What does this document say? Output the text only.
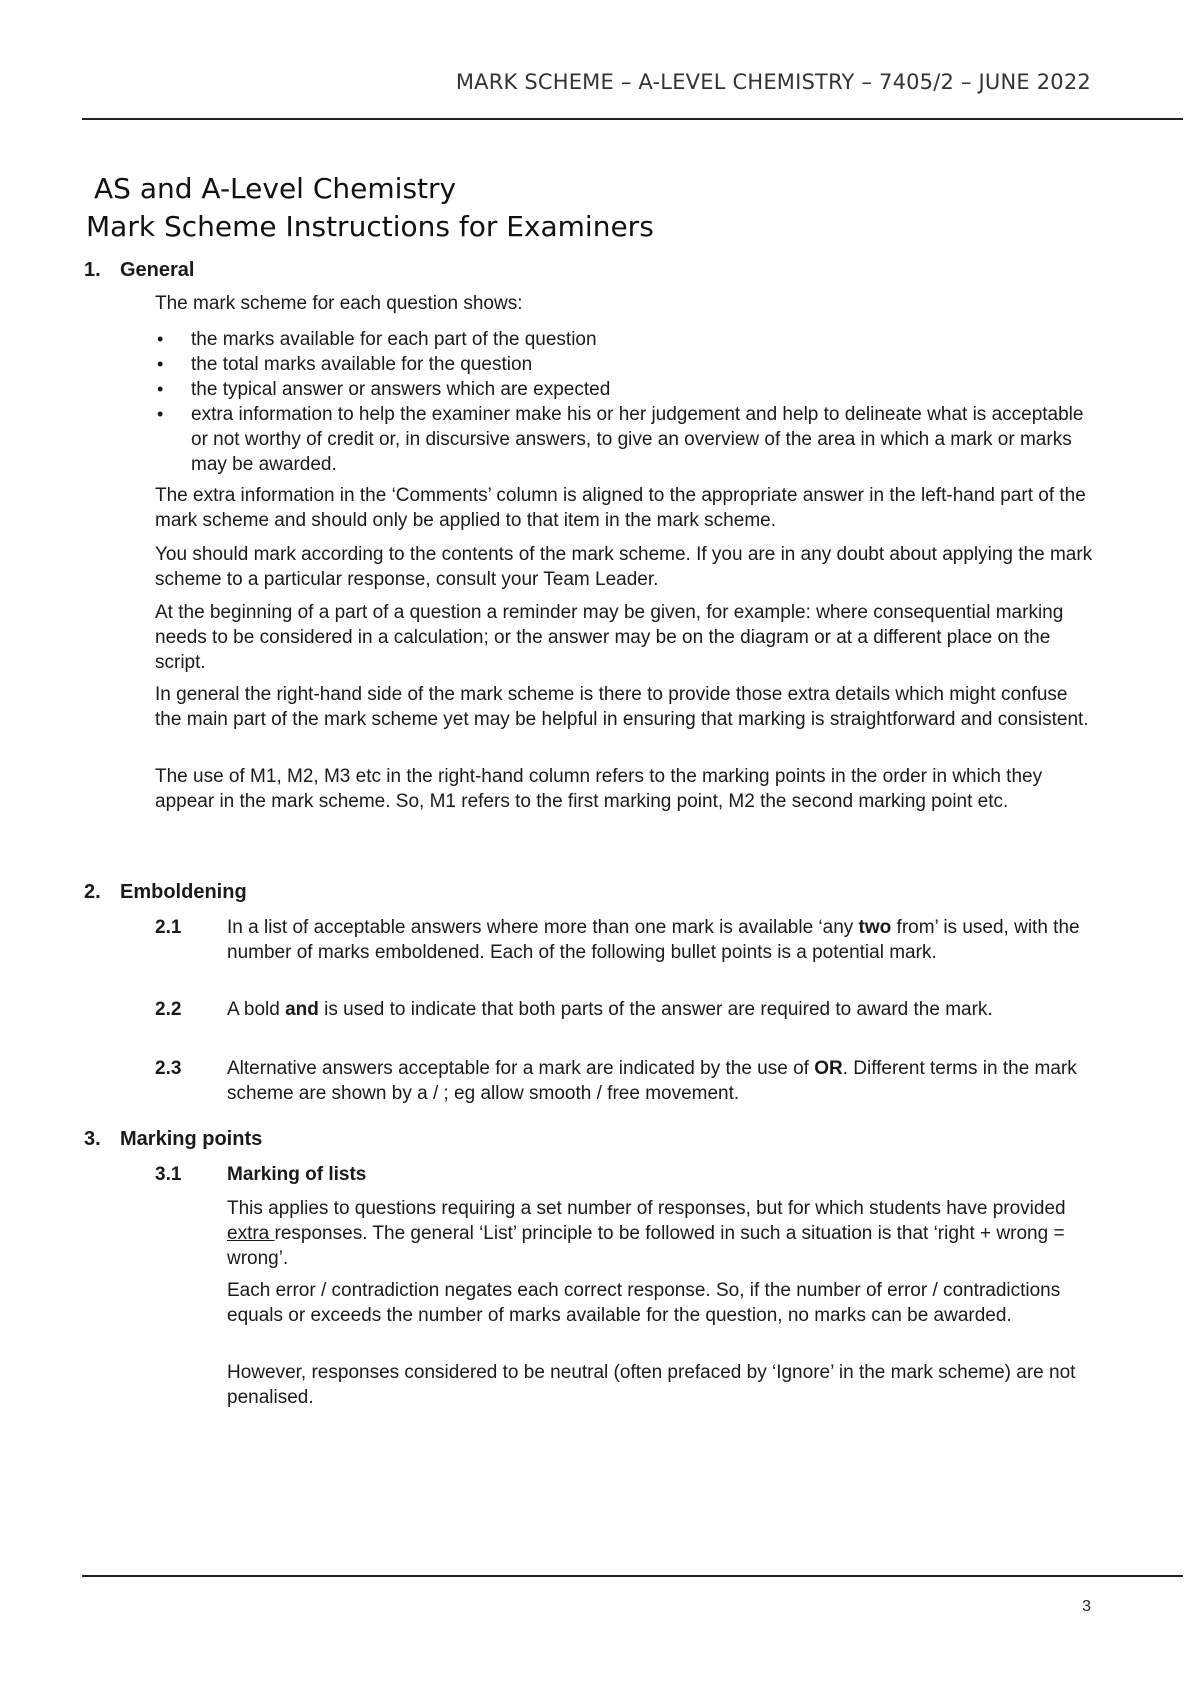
MARK SCHEME – A-LEVEL CHEMISTRY – 7405/2 – JUNE 2022
AS and A-Level Chemistry
Mark Scheme Instructions for Examiners
1. General

The mark scheme for each question shows:

• the marks available for each part of the question
• the total marks available for the question
• the typical answer or answers which are expected
• extra information to help the examiner make his or her judgement and help to delineate what is acceptable or not worthy of credit or, in discursive answers, to give an overview of the area in which a mark or marks may be awarded.

The extra information in the ‘Comments’ column is aligned to the appropriate answer in the left-hand part of the mark scheme and should only be applied to that item in the mark scheme.

You should mark according to the contents of the mark scheme. If you are in any doubt about applying the mark scheme to a particular response, consult your Team Leader.

At the beginning of a part of a question a reminder may be given, for example: where consequential marking needs to be considered in a calculation; or the answer may be on the diagram or at a different place on the script.

In general the right-hand side of the mark scheme is there to provide those extra details which might confuse the main part of the mark scheme yet may be helpful in ensuring that marking is straightforward and consistent.

The use of M1, M2, M3 etc in the right-hand column refers to the marking points in the order in which they appear in the mark scheme. So, M1 refers to the first marking point, M2 the second marking point etc.

2. Emboldening
2.1 In a list of acceptable answers where more than one mark is available ‘any two from’ is used, with the number of marks emboldened. Each of the following bullet points is a potential mark.

2.2 A bold and is used to indicate that both parts of the answer are required to award the mark.

2.3 Alternative answers acceptable for a mark are indicated by the use of OR. Different terms in the mark scheme are shown by a / ; eg allow smooth / free movement.

3. Marking points
3.1 Marking of lists

This applies to questions requiring a set number of responses, but for which students have provided extra responses. The general ‘List’ principle to be followed in such a situation is that ‘right + wrong = wrong’.

Each error / contradiction negates each correct response. So, if the number of error / contradictions equals or exceeds the number of marks available for the question, no marks can be awarded.

However, responses considered to be neutral (often prefaced by ‘Ignore’ in the mark scheme) are not penalised.

3
